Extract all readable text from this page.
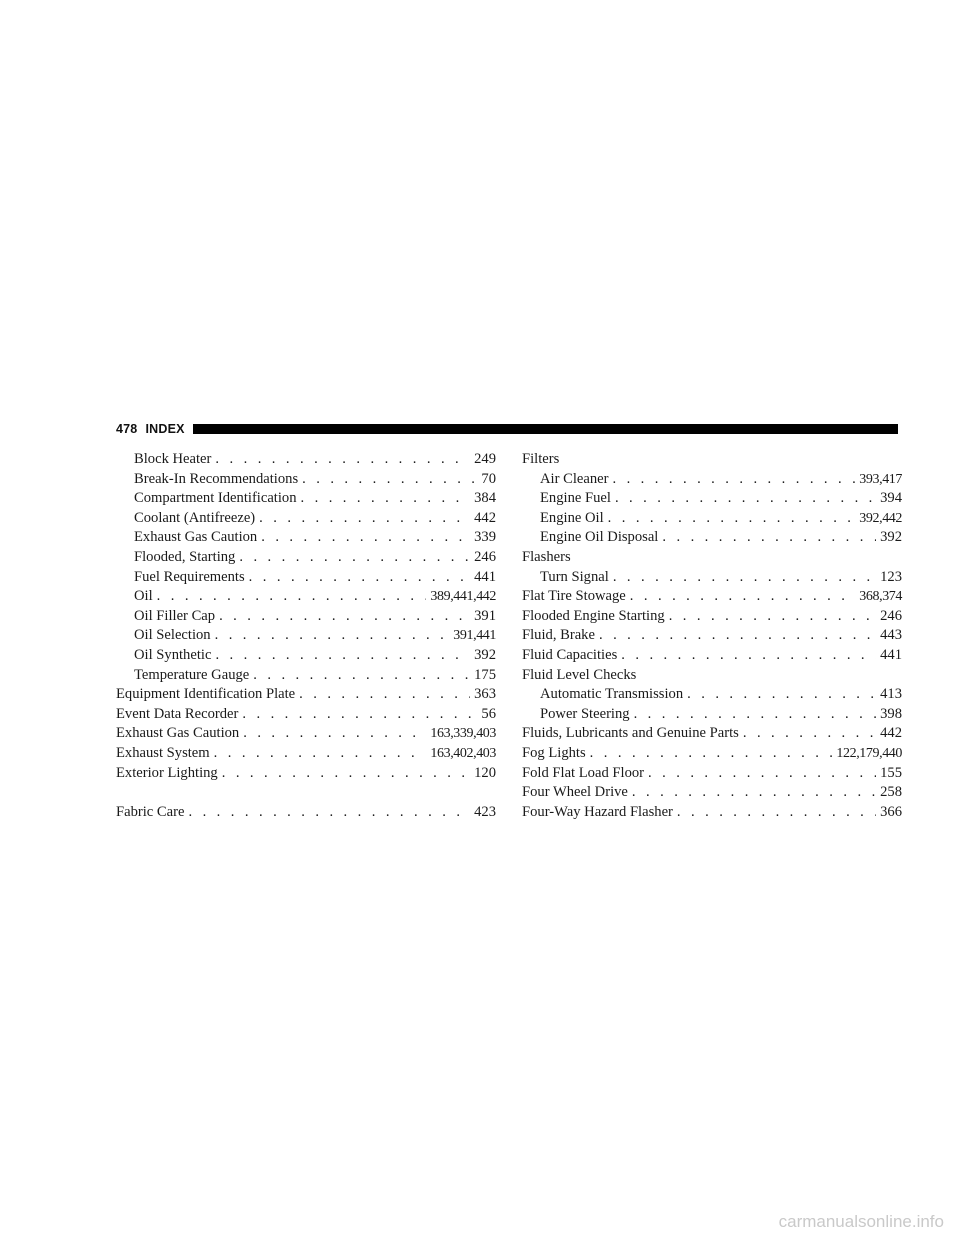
478 INDEX
Block Heater . . .	249
Break-In Recommendations . . .	70
Compartment Identification . . .	384
Coolant (Antifreeze) . . .	442
Exhaust Gas Caution . . .	339
Flooded, Starting . . .	246
Fuel Requirements . . .	441
Oil . . .	389,441,442
Oil Filler Cap . . .	391
Oil Selection . . .	391,441
Oil Synthetic . . .	392
Temperature Gauge . . .	175
Equipment Identification Plate . . .	363
Event Data Recorder . . .	56
Exhaust Gas Caution . . .	163,339,403
Exhaust System . . .	163,402,403
Exterior Lighting . . .	120
Fabric Care . . .	423
Filters
Air Cleaner . . .	393,417
Engine Fuel . . .	394
Engine Oil . . .	392,442
Engine Oil Disposal . . .	392
Flashers
Turn Signal . . .	123
Flat Tire Stowage . . .	368,374
Flooded Engine Starting . . .	246
Fluid, Brake . . .	443
Fluid Capacities . . .	441
Fluid Level Checks
Automatic Transmission . . .	413
Power Steering . . .	398
Fluids, Lubricants and Genuine Parts . . .	442
Fog Lights . . .	122,179,440
Fold Flat Load Floor . . .	155
Four Wheel Drive . . .	258
Four-Way Hazard Flasher . . .	366
carmanualsonline.info
